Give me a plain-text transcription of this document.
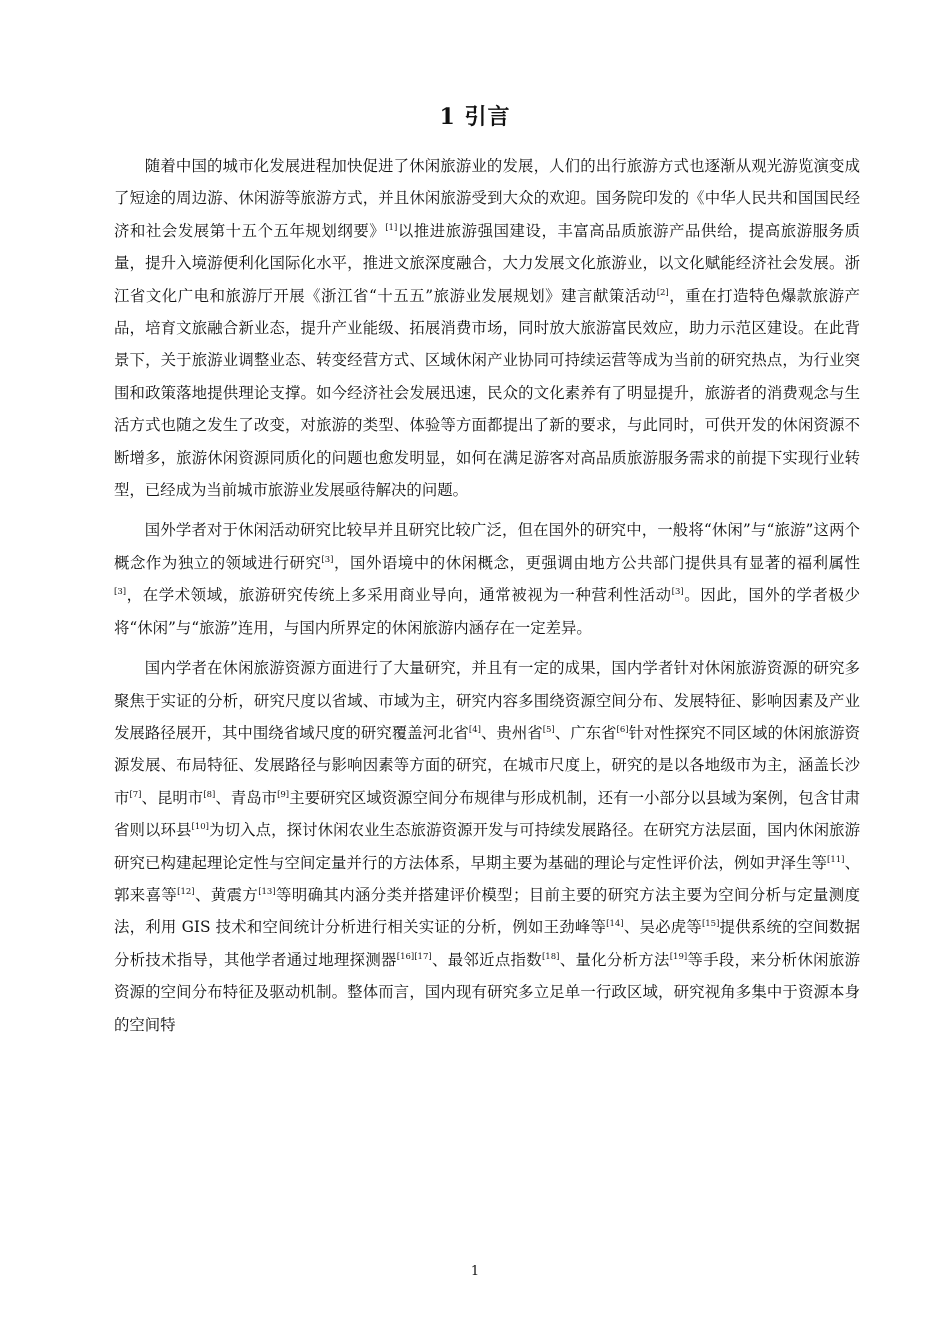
1 引言

随着中国的城市化发展进程加快促进了休闲旅游业的发展，人们的出行旅游方式也逐渐从观光游览演变成了短途的周边游、休闲游等旅游方式，并且休闲旅游受到大众的欢迎。国务院印发的《中华人民共和国国民经济和社会发展第十五个五年规划纲要》[1]以推进旅游强国建设，丰富高品质旅游产品供给，提高旅游服务质量，提升入境游便利化国际化水平，推进文旅深度融合，大力发展文化旅游业，以文化赋能经济社会发展。浙江省文化广电和旅游厅开展《浙江省“十五五”旅游业发展规划》建言献策活动[2]，重在打造特色爆款旅游产品，培育文旅融合新业态，提升产业能级、拓展消费市场，同时放大旅游富民效应，助力示范区建设。在此背景下，关于旅游业调整业态、转变经营方式、区域休闲产业协同可持续运营等成为当前的研究热点，为行业突围和政策落地提供理论支撑。如今经济社会发展迅速，民众的文化素养有了明显提升，旅游者的消费观念与生活方式也随之发生了改变，对旅游的类型、体验等方面都提出了新的要求，与此同时，可供开发的休闲资源不断增多，旅游休闲资源同质化的问题也愈发明显，如何在满足游客对高品质旅游服务需求的前提下实现行业转型，已经成为当前城市旅游业发展亟待解决的问题。

国外学者对于休闲活动研究比较早并且研究比较广泛，但在国外的研究中，一般将“休闲”与“旅游”这两个概念作为独立的领域进行研究[3]，国外语境中的休闲概念，更强调由地方公共部门提供具有显著的福利属性[3]，在学术领域，旅游研究传统上多采用商业导向，通常被视为一种营利性活动[3]。因此，国外的学者极少将“休闲”与“旅游”连用，与国内所界定的休闲旅游内涵存在一定差异。

国内学者在休闲旅游资源方面进行了大量研究，并且有一定的成果，国内学者针对休闲旅游资源的研究多聚焦于实证的分析，研究尺度以省域、市域为主，研究内容多围绕资源空间分布、发展特征、影响因素及产业发展路径展开，其中围绕省域尺度的研究覆盖河北省[4]、贵州省[5]、广东省[6]针对性探究不同区域的休闲旅游资源发展、布局特征、发展路径与影响因素等方面的研究，在城市尺度上，研究的是以各地级市为主，涵盖长沙市[7]、昆明市[8]、青岛市[9]主要研究区域资源空间分布规律与形成机制，还有一小部分以县域为案例，包含甘肃省则以环县[10]为切入点，探讨休闲农业生态旅游资源开发与可持续发展路径。在研究方法层面，国内休闲旅游研究已构建起理论定性与空间定量并行的方法体系，早期主要为基础的理论与定性评价法，例如尹泽生等[11]、郭来喜等[12]、黄震方[13]等明确其内涵分类并搭建评价模型；目前主要的研究方法主要为空间分析与定量测度法，利用 GIS 技术和空间统计分析进行相关实证的分析，例如王劲峰等[14]、吴必虎等[15]提供系统的空间数据分析技术指导，其他学者通过地理探测器[16][17]、最邻近点指数[18]、量化分析方法[19]等手段，来分析休闲旅游资源的空间分布特征及驱动机制。整体而言，国内现有研究多立足单一行政区域，研究视角多集中于资源本身的空间特

1
